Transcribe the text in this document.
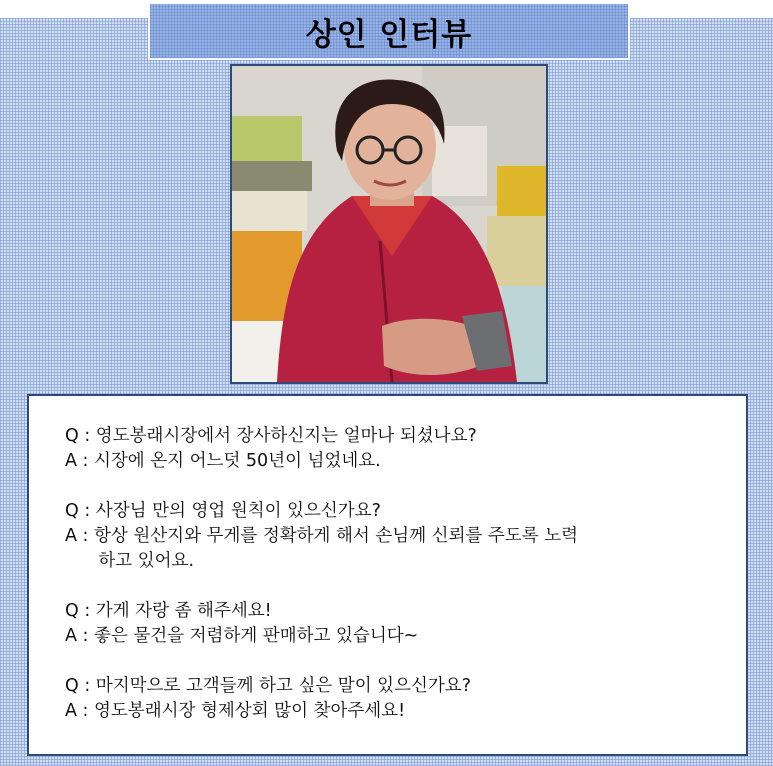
상인 인터뷰
Q : 영도봉래시장에서 장사하신지는 얼마나 되셨나요?
A : 시장에 온지 어느덧 50년이 넘었네요.
Q : 사장님 만의 영업 원칙이 있으신가요?
A : 항상 원산지와 무게를 정확하게 해서 손님께 신뢰를 주도록 노력
하고 있어요.
Q : 가게 자랑 좀 해주세요!
A : 좋은 물건을 저렴하게 판매하고 있습니다~
Q : 마지막으로 고객들께 하고 싶은 말이 있으신가요?
A : 영도봉래시장 형제상회 많이 찾아주세요!
